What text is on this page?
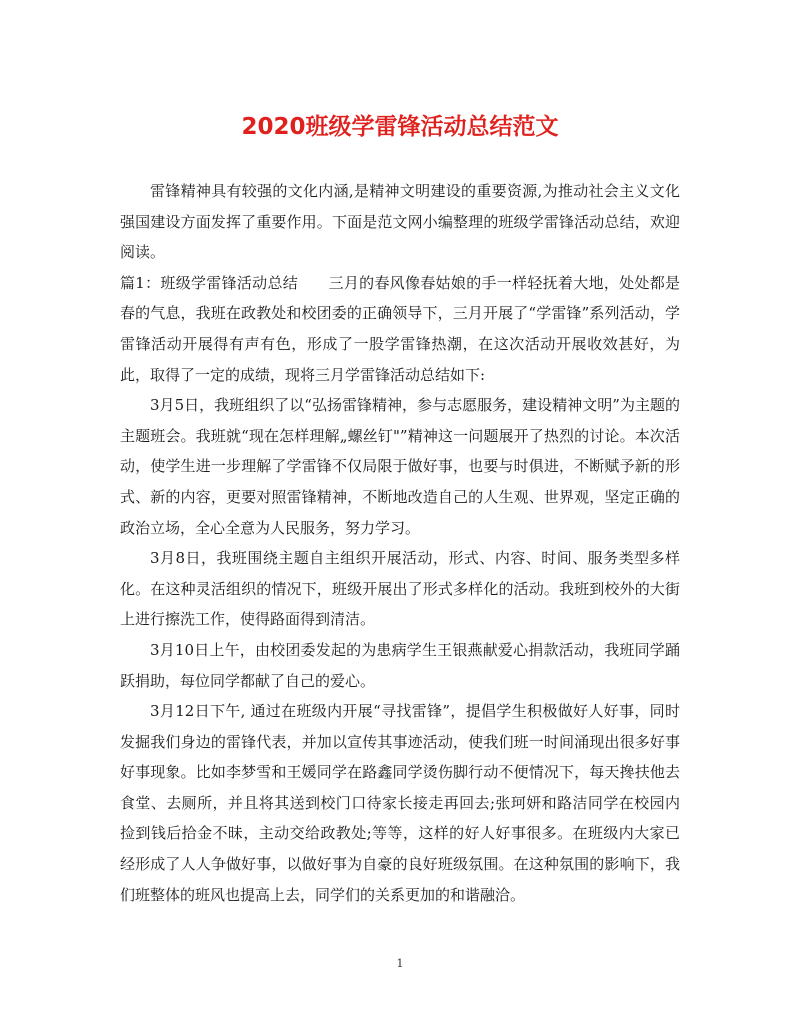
2020班级学雷锋活动总结范文

雷锋精神具有较强的文化内涵,是精神文明建设的重要资源,为推动社会主义文化强国建设方面发挥了重要作用。下面是范文网小编整理的班级学雷锋活动总结，欢迎阅读。

篇1：班级学雷锋活动总结　　三月的春风像春姑娘的手一样轻抚着大地，处处都是春的气息，我班在政教处和校团委的正确领导下，三月开展了“学雷锋”系列活动，学雷锋活动开展得有声有色，形成了一股学雷锋热潮，在这次活动开展收效甚好，为此，取得了一定的成绩，现将三月学雷锋活动总结如下:

3月5日，我班组织了以“弘扬雷锋精神，参与志愿服务，建设精神文明”为主题的主题班会。我班就“现在怎样理解„螺丝钉"”精神这一问题展开了热烈的讨论。本次活动，使学生进一步理解了学雷锋不仅局限于做好事，也要与时俱进，不断赋予新的形式、新的内容，更要对照雷锋精神，不断地改造自己的人生观、世界观，坚定正确的政治立场，全心全意为人民服务，努力学习。

3月8日，我班围绕主题自主组织开展活动，形式、内容、时间、服务类型多样化。在这种灵活组织的情况下，班级开展出了形式多样化的活动。我班到校外的大街上进行擦洗工作，使得路面得到清洁。

3月10日上午，由校团委发起的为患病学生王银燕献爱心捐款活动，我班同学踊跃捐助，每位同学都献了自己的爱心。

3月12日下午, 通过在班级内开展“寻找雷锋”，提倡学生积极做好人好事，同时发掘我们身边的雷锋代表，并加以宣传其事迹活动，使我们班一时间涌现出很多好事好事现象。比如李梦雪和王媛同学在路鑫同学烫伤脚行动不便情况下，每天搀扶他去食堂、去厕所，并且将其送到校门口待家长接走再回去;张珂妍和路洁同学在校园内捡到钱后拾金不昧，主动交给政教处;等等，这样的好人好事很多。在班级内大家已经形成了人人争做好事，以做好事为自豪的良好班级氛围。在这种氛围的影响下，我们班整体的班风也提高上去，同学们的关系更加的和谐融洽。

1
